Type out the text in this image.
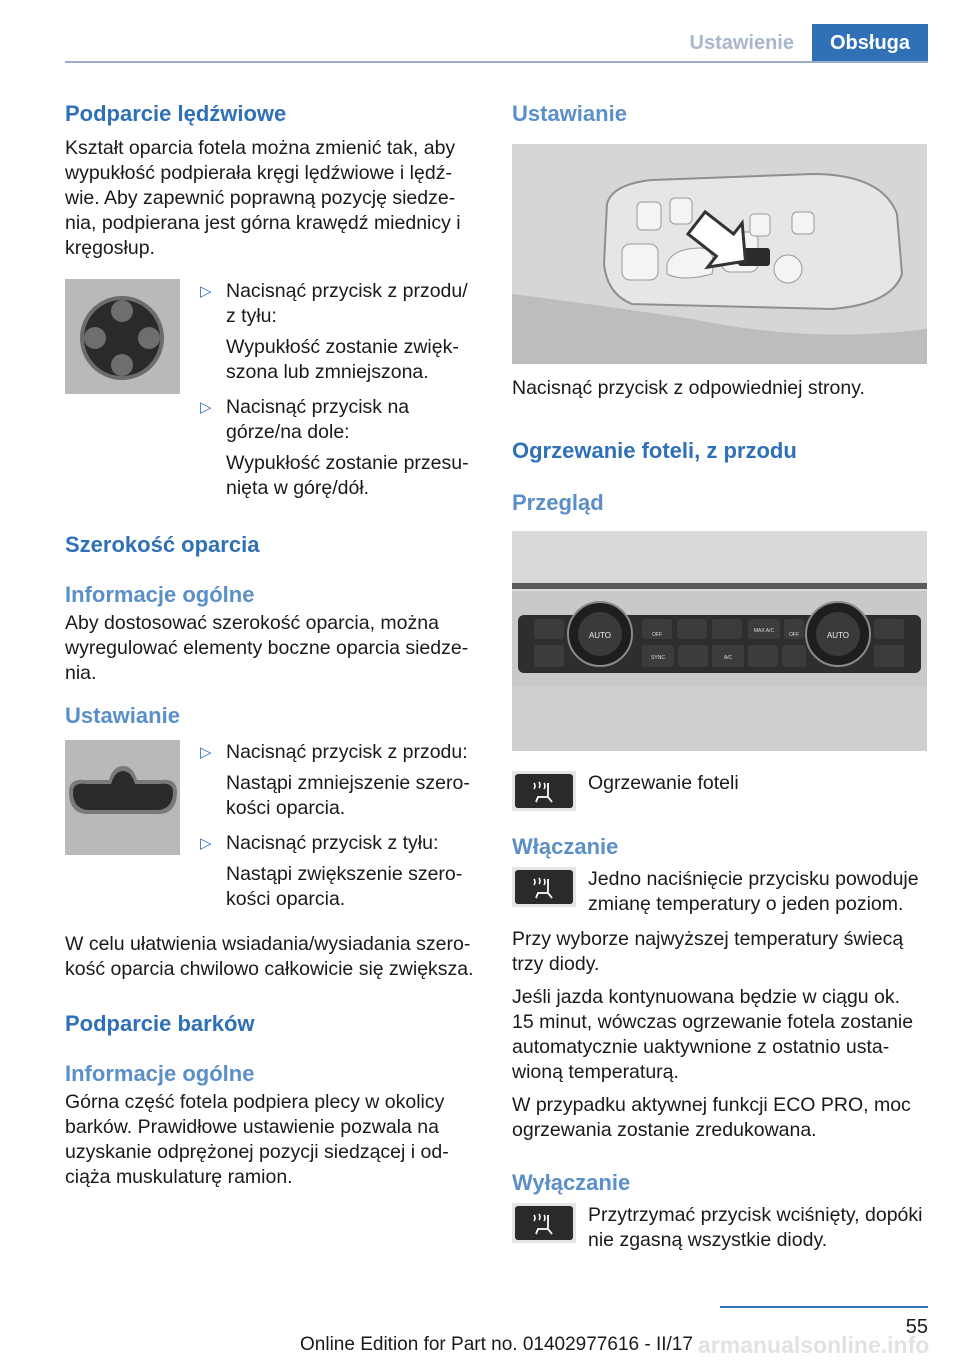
Ustawienie	Obsługa
Podparcie lędźwiowe

Kształt oparcia fotela można zmienić tak, aby wypukłość podpierała kręgi lędźwiowe i lędźwie. Aby zapewnić poprawną pozycję siedzenia, podpierana jest górna krawędź miednicy i kręgosłup.

▷ Nacisnąć przycisk z przodu/ z tyłu:

Wypukłość zostanie zwiększona lub zmniejszona.

▷ Nacisnąć przycisk na górze/na dole:

Wypukłość zostanie przesunięta w górę/dół.

Szerokość oparcia
Informacje ogólne

Aby dostosować szerokość oparcia, można wyregulować elementy boczne oparcia siedzenia.

Ustawianie
▷ Nacisnąć przycisk z przodu:

Nastąpi zmniejszenie szerokości oparcia.

▷ Nacisnąć przycisk z tyłu:

Nastąpi zwiększenie szerokości oparcia.

W celu ułatwienia wsiadania/wysiadania szerokość oparcia chwilowo całkowicie się zwiększa.

Podparcie barków
Informacje ogólne

Górna część fotela podpiera plecy w okolicy barków. Prawidłowe ustawienie pozwala na uzyskanie odprężonej pozycji siedzącej i odciąża muskulaturę ramion.

Ustawianie

Nacisnąć przycisk z odpowiedniej strony.

Ogrzewanie foteli, z przodu
Przegląd
AUTO	AUTO
OFF
MAX A/C
OFF
SYNC	A/C

Ogrzewanie foteli

Włączanie

Jedno naciśnięcie przycisku powoduje zmianę temperatury o jeden poziom.

Przy wyborze najwyższej temperatury świecą trzy diody.

Jeśli jazda kontynuowana będzie w ciągu ok. 15 minut, wówczas ogrzewanie fotela zostanie automatycznie uaktywnione z ostatnio ustawioną temperaturą.

W przypadku aktywnej funkcji ECO PRO, moc ogrzewania zostanie zredukowana.

Wyłączanie

Przytrzymać przycisk wciśnięty, dopóki nie zgasną wszystkie diody.

55
armanualsonline.info
Online Edition for Part no. 01402977616 - II/17
